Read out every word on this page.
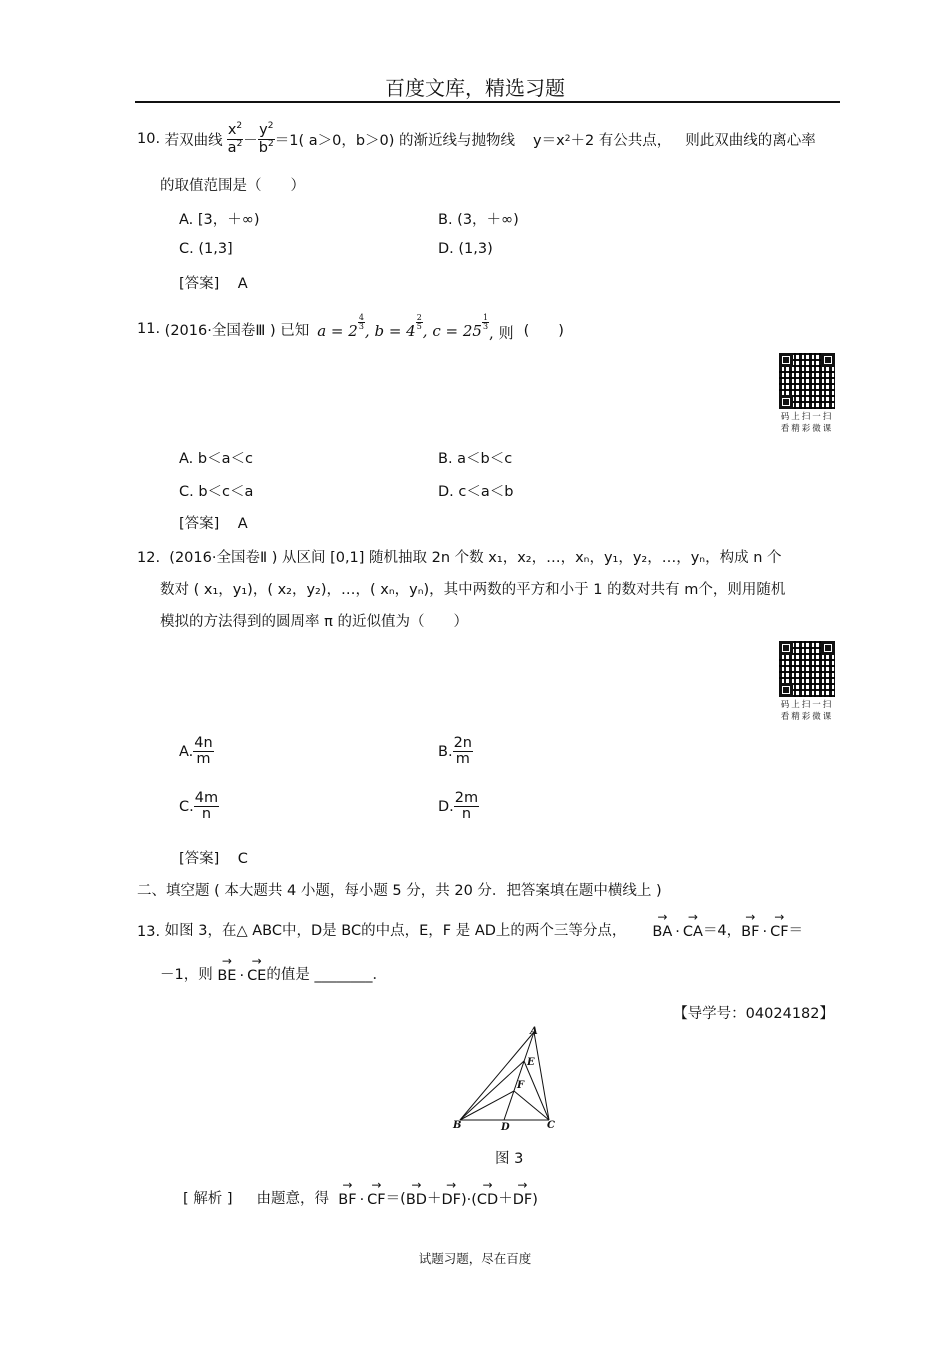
百度文库，精选习题
10.
若双曲线 $\frac{x^2}{a^2} - \frac{y^2}{b^2} =1$( a＞0，b＞0) 的渐近线与抛物线 y＝x 2 ＋2 有公共点， 则此双曲线的离心率
的取值范围是（　　）
A. [3，＋∞)	B. (3，＋∞)
C. (1,3]	D. (1,3)
[答案] A
11.
(2016·全国卷Ⅲ ) 已知 $a = 2 \frac{4}{3}$ , $b = 4 \frac{2}{5}$ , $c = 25 \frac{1}{3}$
, 则 (　　)
码上扫一扫
看精彩微课
A. b＜a＜c	B. a＜b＜c
C. b＜c＜a	D. c＜a＜b
[答案] A
12. (2016·全国卷Ⅱ ) 从区间 [0,1] 随机抽取 2n 个数 x₁，x₂，…，xₙ，y₁，y₂，…，yₙ，构成 n 个
数对 ( x₁，y₁)，( x₂，y₂)，…，( xₙ，yₙ)，其中两数的平方和小于 1 的数对共有 m个，则用随机
模拟的方法得到的圆周率 π 的近似值为（　　）
码上扫一扫
看精彩微课
A. $\frac{4n}{m}$	B. $\frac{2n}{m}$
C. $\frac{4m}{n}$	D. $\frac{2m}{n}$
[答案] C
二、填空题 ( 本大题共 4 小题，每小题 5 分，共 20 分．把答案填在题中横线上 )
13.
如图 3，在△ ABC中，D是 BC的中点，E，F 是 AD上的两个三等分点， → BA · → CA ＝4， → BF · → CF ＝
－1，则
→ BE · → CE 的值是 ________．
【导学号：04024182】
A
B	C
D
E
F
图 3
[ 解析 ] 由题意，得
→ BF · → CF ＝( → BD ＋ → DF )·( → CD ＋ → DF )
试题习题，尽在百度
